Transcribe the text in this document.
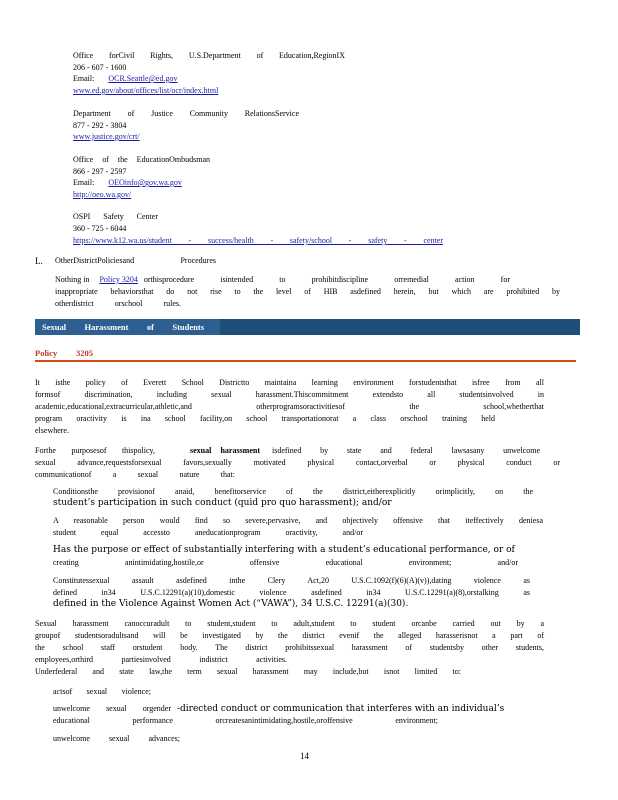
Office forCivil Rights, U.S.Department of Education,RegionIX
206 - 607 - 1600
Email: OCR.Seattle@ed.gov
www.ed.gov/about/offices/list/ocr/index.html
Department of Justice Community RelationsService
877 - 292 - 3804
www.justice.gov/crt/
Office of the EducationOmbudsman
866 - 297 - 2597
Email: OEOinfo@gov.wa.gov
http://oeo.wa.gov/
OSPI Safety Center
360 - 725 - 6044
https://www.k12.wa.us/student - success/health - safety/school - safety - center
L. OtherDistrictPoliciesand Procedures
Nothing in Policy 3204 orthisprocedure isintended to prohibitdiscipline orremedial action for
inappropriate behaviorsthat do not rise to the level of HIB asdefined herein, but which are prohibited by
otherdistrict orschool rules.
Sexual Harassment of Students
Policy 3205
It isthe policy of Everett School Districtto maintaina learning environment forstudentsthat isfree from all
formsof discrimination, including sexual harassment.Thiscommitment extendsto all studentsinvolved in
academic,educational,extracurricular,athletic,and otherprogramsoractivitiesof the school,whetherthat
program oractivity is ina school facility,on school transportationorat a class orschool training held
elsewhere.
Forthe purposesof thispolicy,	sexual harassment isdefined by state and federal lawsasany unwelcome
sexual advance,requestsforsexual favors,sexually motivated physical contact,orverbal or physical conduct or
communicationof a sexual nature that:
Conditionsthe provisionof anaid, benefitorservice of the district,eitherexplicitly orimplicitly, on the
student’s participation in such conduct (quid pro quo harassment); and/or
A reasonable person would find so severe,pervasive, and objectively offensive that iteffectively deniesa
student equal accessto aneducationprogram oractivity, and/or
Has the purpose or effect of substantially interfering with a student’s educational performance, or of
creating anintimidating,hostile,or offensive educational environment; and/or
Constitutessexual assault asdefined inthe Clery Act,20 U.S.C.1092(f)(6)(A)(v)),dating violence as
defined in34 U.S.C.12291(a)(10),domestic violence asdefined in34 U.S.C.12291(a)(8),orstalking as
defined in the Violence Against Women Act (“VAWA”), 34 U.S.C. 12291(a)(30).
Sexual harassment canoccuradult to student,student to adult,student to student orcanbe carried out by a
groupof studentsoradultsand will be investigated by the district evenif the alleged harasserisnot a part of
the school staff orstudent body. The district prohibitssexual harassment of studentsby other students,
employees,orthird partiesinvolved indistrict activities.
Underfederal and state law,the term sexual harassment may include,but isnot limited to:
actsof sexual violence;
unwelcome sexual orgender -directed conduct or communication that interferes with an individual’s
educational performance orcreatesanintimidating,hostile,oroffensive environment;
unwelcome sexual advances;
14
